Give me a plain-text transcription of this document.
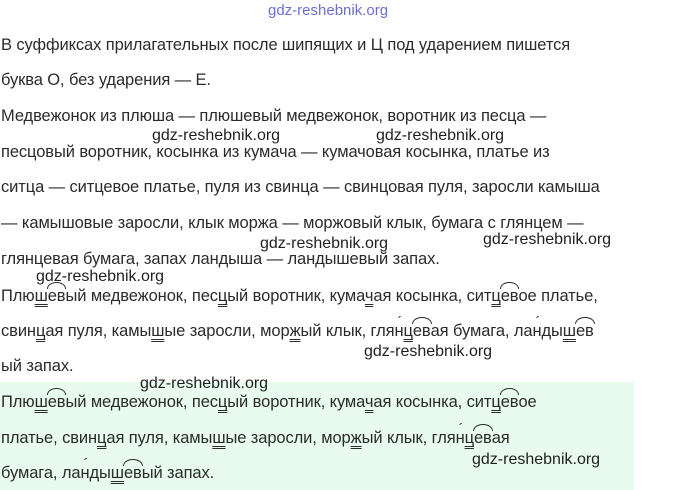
gdz-reshebnik.org
В суффиксах прилагательных после шипящих и Ц под ударением пишется
буква О, без ударения — Е.
Медвежонок из плюша — плюшевый медвежонок, воротник из песца —
gdz-reshebnik.org	gdz-reshebnik.org
песцовый воротник, косынка из кумача — кумачовая косынка, платье из
ситца — ситцевое платье, пуля из свинца — свинцовая пуля, заросли камыша
— камышовые заросли, клык моржа — моржовый клык, бумага с глянцем —
gdz-reshebnik.org	gdz-reshebnik.org
глянцевая бумага, запах ландыша — ландышевый запах.
gdz-reshebnik.org
Плюшевый медвежонок, песцый воротник, кумачая косынка, ситцевое платье,
свинцая пуля, камышые заросли, моржый клык, глян ´цевая бумага, лан ´дышев
gdz-reshebnik.org
ый запах.
gdz-reshebnik.org
Плюшевый медвежонок, песцый воротник, кумачая косынка, ситцевое
платье, свинцая пуля, камышые заросли, моржый клык, глян ´цевая
gdz-reshebnik.org
бумага, лан ´дышевый запах.
